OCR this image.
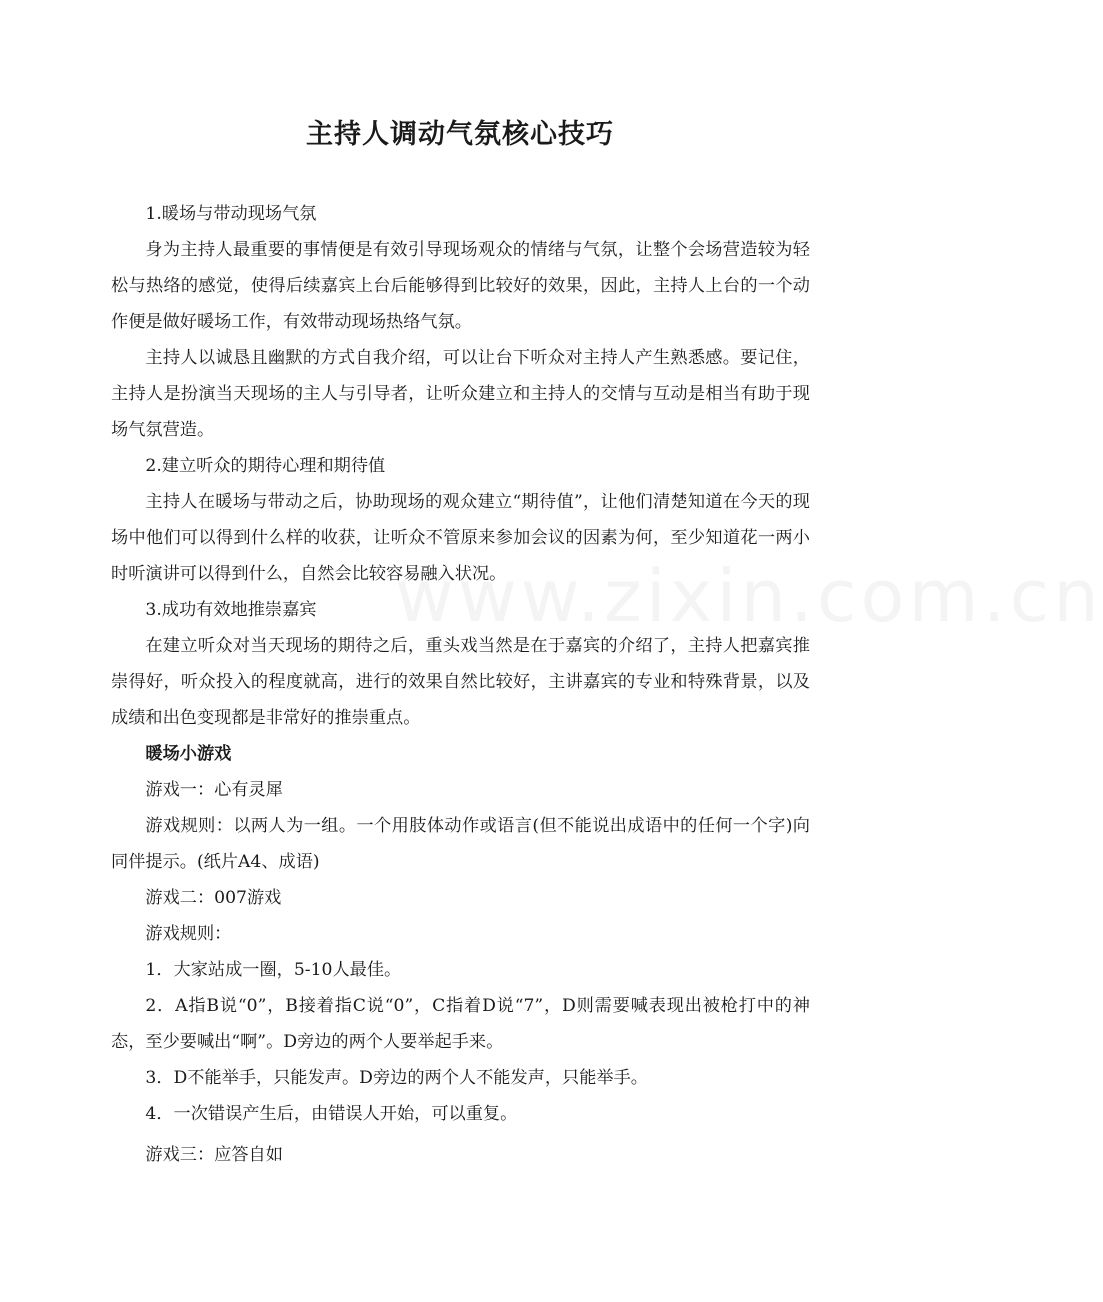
主持人调动气氛核心技巧

1.暖场与带动现场气氛

身为主持人最重要的事情便是有效引导现场观众的情绪与气氛，让整个会场营造较为轻松与热络的感觉，使得后续嘉宾上台后能够得到比较好的效果，因此，主持人上台的一个动作便是做好暖场工作，有效带动现场热络气氛。

主持人以诚恳且幽默的方式自我介绍，可以让台下听众对主持人产生熟悉感。要记住，主持人是扮演当天现场的主人与引导者，让听众建立和主持人的交情与互动是相当有助于现场气氛营造。

2.建立听众的期待心理和期待值

主持人在暖场与带动之后，协助现场的观众建立“期待值”，让他们清楚知道在今天的现场中他们可以得到什么样的收获，让听众不管原来参加会议的因素为何，至少知道花一两小时听演讲可以得到什么，自然会比较容易融入状况。

3.成功有效地推崇嘉宾

在建立听众对当天现场的期待之后，重头戏当然是在于嘉宾的介绍了，主持人把嘉宾推崇得好，听众投入的程度就高，进行的效果自然比较好，主讲嘉宾的专业和特殊背景，以及成绩和出色变现都是非常好的推崇重点。

暖场小游戏

游戏一：心有灵犀

游戏规则：以两人为一组。一个用肢体动作或语言(但不能说出成语中的任何一个字)向同伴提示。(纸片A4、成语)

游戏二：007游戏

游戏规则：

1．大家站成一圈，5-10人最佳。

2．A指B说“0”，B接着指C说“0”，C指着D说“7”，D则需要喊表现出被枪打中的神态，至少要喊出“啊”。D旁边的两个人要举起手来。

3．D不能举手，只能发声。D旁边的两个人不能发声，只能举手。

4．一次错误产生后，由错误人开始，可以重复。

游戏三：应答自如

www.zixin.com.cn
